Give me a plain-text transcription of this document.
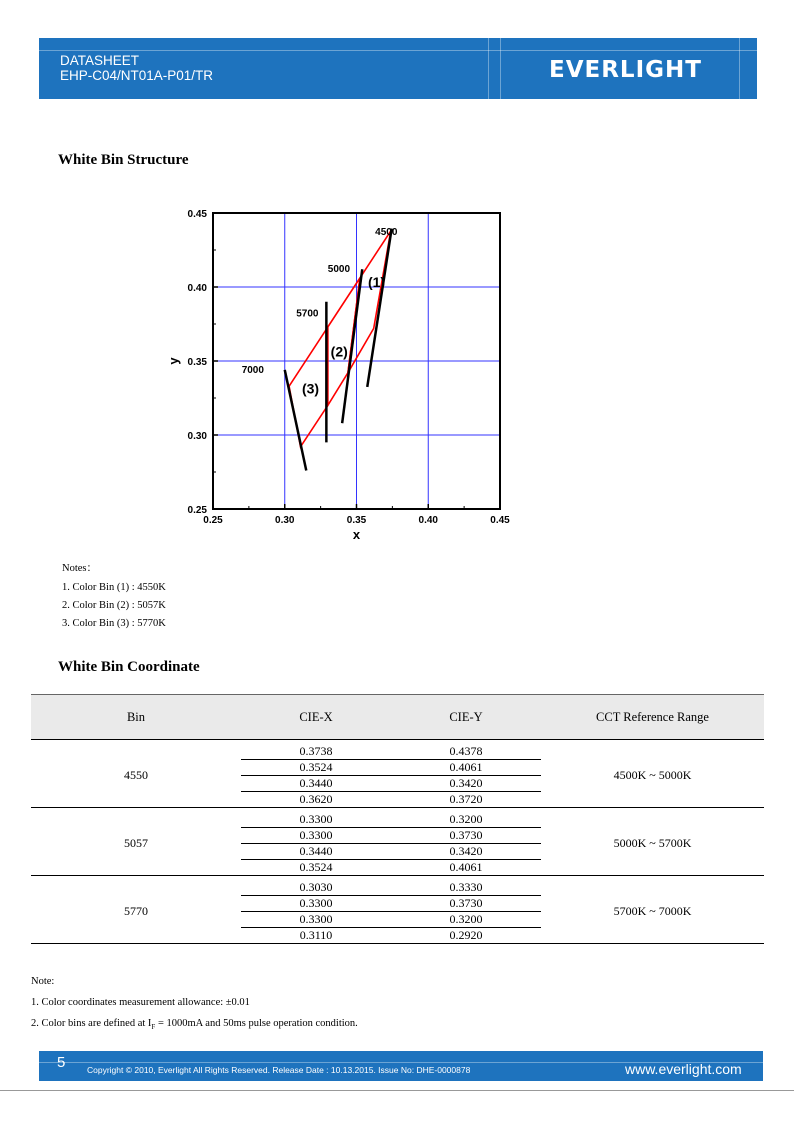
DATASHEET
EHP-C04/NT01A-P01/TR	EVERLIGHT
White Bin Structure
0.25
0.25
0.30
0.30
0.35
0.35
0.40
0.40
0.45
0.45
x
y
4500
5000
5700
7000
(1)
(2)
(3)
Notes：
1. Color Bin (1) : 4550K
2. Color Bin (2) : 5057K
3. Color Bin (3) : 5770K
White Bin Coordinate
Bin	CIE-X	CIE-Y	CCT Reference Range
4550	0.3738	0.4378	4500K ~ 5000K
	0.3524	0.4061	
	0.3440	0.3420	
	0.3620	0.3720	
5057	0.3300	0.3200	5000K ~ 5700K
	0.3300	0.3730	
	0.3440	0.3420	
	0.3524	0.4061	
5770	0.3030	0.3330	5700K ~ 7000K
	0.3300	0.3730	
	0.3300	0.3200	
	0.3110	0.2920	
Note:
1. Color coordinates measurement allowance: ±0.01
2. Color bins are defined at $I_F = 1000mA$ and 50ms pulse operation condition.
5	Copyright © 2010, Everlight All Rights Reserved. Release Date : 10.13.2015. Issue No: DHE-0000878	www.everlight.com
